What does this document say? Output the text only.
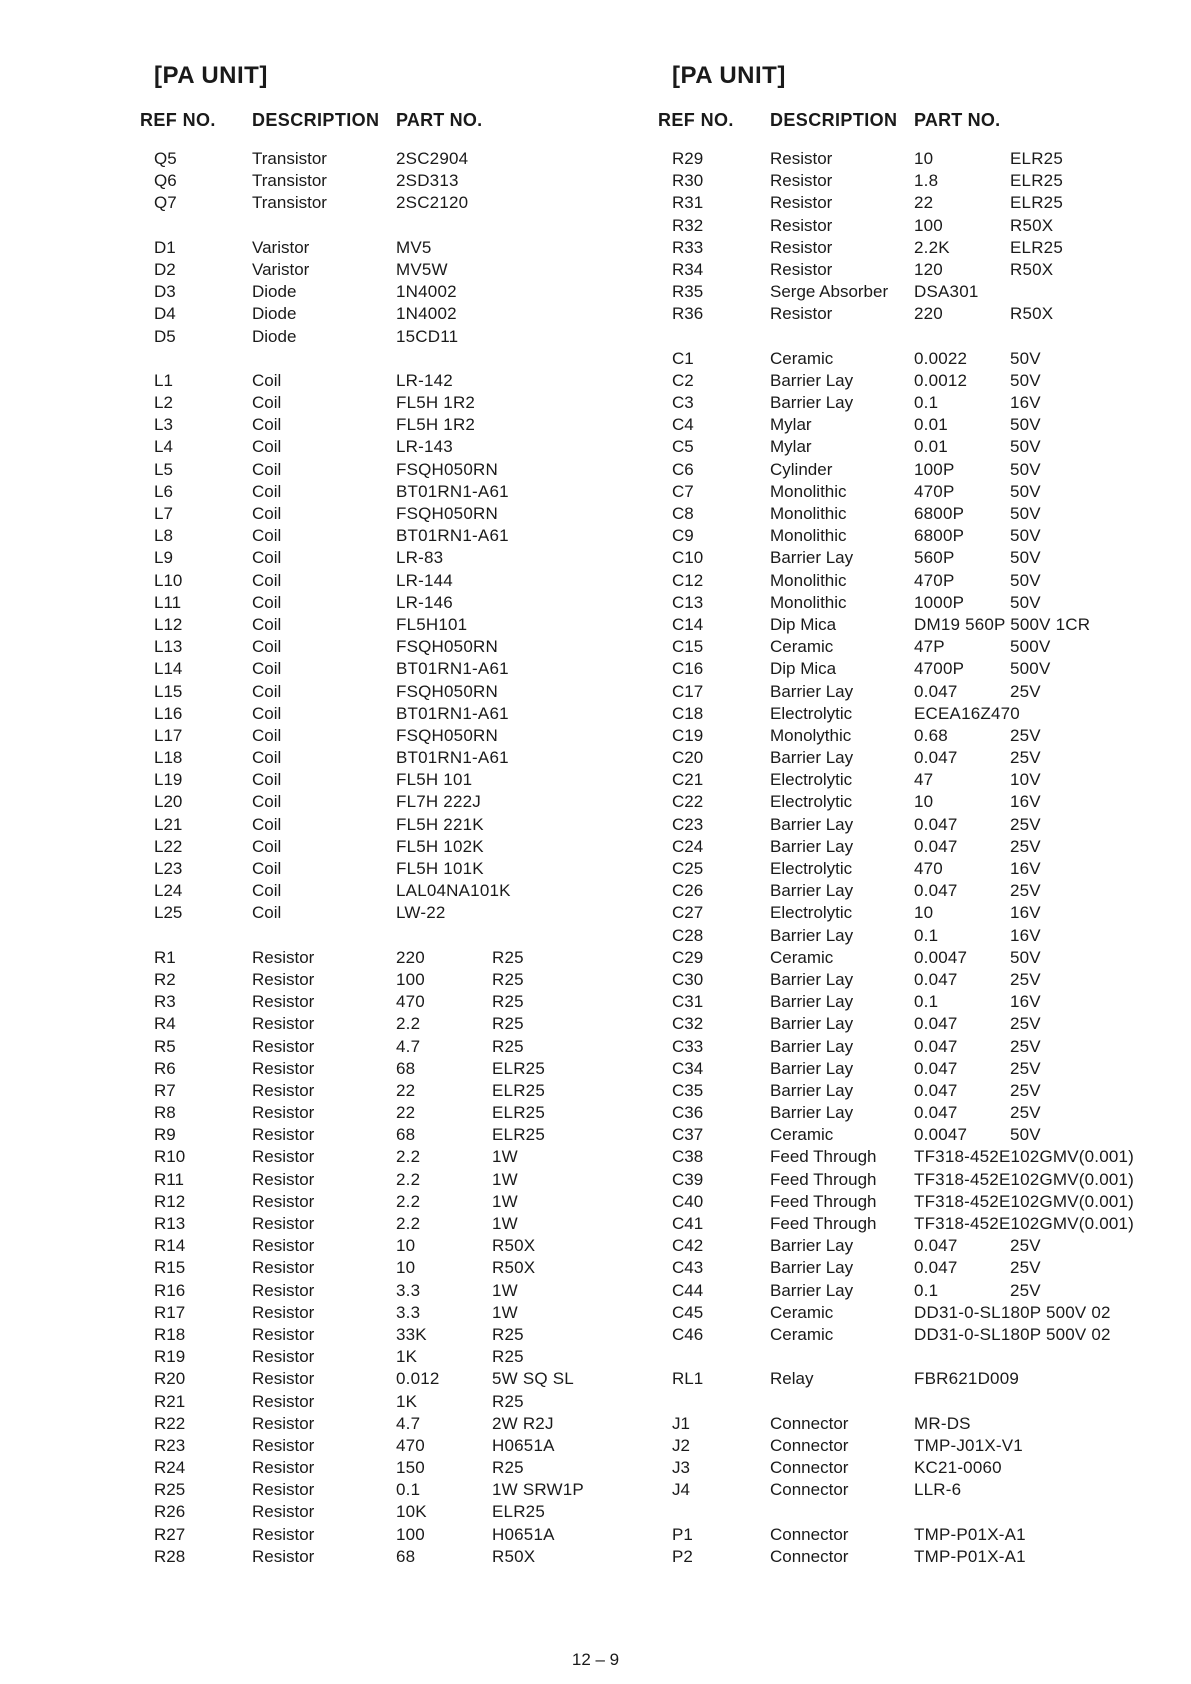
[PA UNIT]
REF NO.	DESCRIPTION PART NO.
Q5	Transistor	2SC2904
Q6	Transistor	2SD313
Q7	Transistor	2SC2120
D1	Varistor	MV5
D2	Varistor	MV5W
D3	Diode	1N4002
D4	Diode	1N4002
D5	Diode	15CD11
L1	Coil	LR-142
L2	Coil	FL5H 1R2
L3	Coil	FL5H 1R2
L4	Coil	LR-143
L5	Coil	FSQH050RN
L6	Coil	BT01RN1-A61
L7	Coil	FSQH050RN
L8	Coil	BT01RN1-A61
L9	Coil	LR-83
L10	Coil	LR-144
L11	Coil	LR-146
L12	Coil	FL5H101
L13	Coil	FSQH050RN
L14	Coil	BT01RN1-A61
L15	Coil	FSQH050RN
L16	Coil	BT01RN1-A61
L17	Coil	FSQH050RN
L18	Coil	BT01RN1-A61
L19	Coil	FL5H 101
L20	Coil	FL7H 222J
L21	Coil	FL5H 221K
L22	Coil	FL5H 102K
L23	Coil	FL5H 101K
L24	Coil	LAL04NA101K
L25	Coil	LW-22
R1	Resistor	220	R25
R2	Resistor	100	R25
R3	Resistor	470	R25
R4	Resistor	2.2	R25
R5	Resistor	4.7	R25
R6	Resistor	68	ELR25
R7	Resistor	22	ELR25
R8	Resistor	22	ELR25
R9	Resistor	68	ELR25
R10	Resistor	2.2	1W
R11	Resistor	2.2	1W
R12	Resistor	2.2	1W
R13	Resistor	2.2	1W
R14	Resistor	10	R50X
R15	Resistor	10	R50X
R16	Resistor	3.3	1W
R17	Resistor	3.3	1W
R18	Resistor	33K	R25
R19	Resistor	1K	R25
R20	Resistor	0.012	5W SQ SL
R21	Resistor	1K	R25
R22	Resistor	4.7	2W R2J
R23	Resistor	470	H0651A
R24	Resistor	150	R25
R25	Resistor	0.1	1W SRW1P
R26	Resistor	10K	ELR25
R27	Resistor	100	H0651A
R28	Resistor	68	R50X
[PA UNIT]
REF NO.	DESCRIPTION PART NO.
R29	Resistor	10	ELR25
R30	Resistor	1.8	ELR25
R31	Resistor	22	ELR25
R32	Resistor	100	R50X
R33	Resistor	2.2K	ELR25
R34	Resistor	120	R50X
R35	Serge Absorber	DSA301
R36	Resistor	220	R50X
C1	Ceramic	0.0022	50V
C2	Barrier Lay	0.0012	50V
C3	Barrier Lay	0.1	16V
C4	Mylar	0.01	50V
C5	Mylar	0.01	50V
C6	Cylinder	100P	50V
C7	Monolithic	470P	50V
C8	Monolithic	6800P	50V
C9	Monolithic	6800P	50V
C10	Barrier Lay	560P	50V
C12	Monolithic	470P	50V
C13	Monolithic	1000P	50V
C14	Dip Mica	DM19 560P 500V 1CR
C15	Ceramic	47P	500V
C16	Dip Mica	4700P	500V
C17	Barrier Lay	0.047	25V
C18	Electrolytic	ECEA16Z470
C19	Monolythic	0.68	25V
C20	Barrier Lay	0.047	25V
C21	Electrolytic	47	10V
C22	Electrolytic	10	16V
C23	Barrier Lay	0.047	25V
C24	Barrier Lay	0.047	25V
C25	Electrolytic	470	16V
C26	Barrier Lay	0.047	25V
C27	Electrolytic	10	16V
C28	Barrier Lay	0.1	16V
C29	Ceramic	0.0047	50V
C30	Barrier Lay	0.047	25V
C31	Barrier Lay	0.1	16V
C32	Barrier Lay	0.047	25V
C33	Barrier Lay	0.047	25V
C34	Barrier Lay	0.047	25V
C35	Barrier Lay	0.047	25V
C36	Barrier Lay	0.047	25V
C37	Ceramic	0.0047	50V
C38	Feed Through	TF318-452E102GMV(0.001)
C39	Feed Through	TF318-452E102GMV(0.001)
C40	Feed Through	TF318-452E102GMV(0.001)
C41	Feed Through	TF318-452E102GMV(0.001)
C42	Barrier Lay	0.047	25V
C43	Barrier Lay	0.047	25V
C44	Barrier Lay	0.1	25V
C45	Ceramic	DD31-0-SL180P 500V 02
C46	Ceramic	DD31-0-SL180P 500V 02
RL1	Relay	FBR621D009
J1	Connector	MR-DS
J2	Connector	TMP-J01X-V1
J3	Connector	KC21-0060
J4	Connector	LLR-6
P1	Connector	TMP-P01X-A1
P2	Connector	TMP-P01X-A1
12 – 9
